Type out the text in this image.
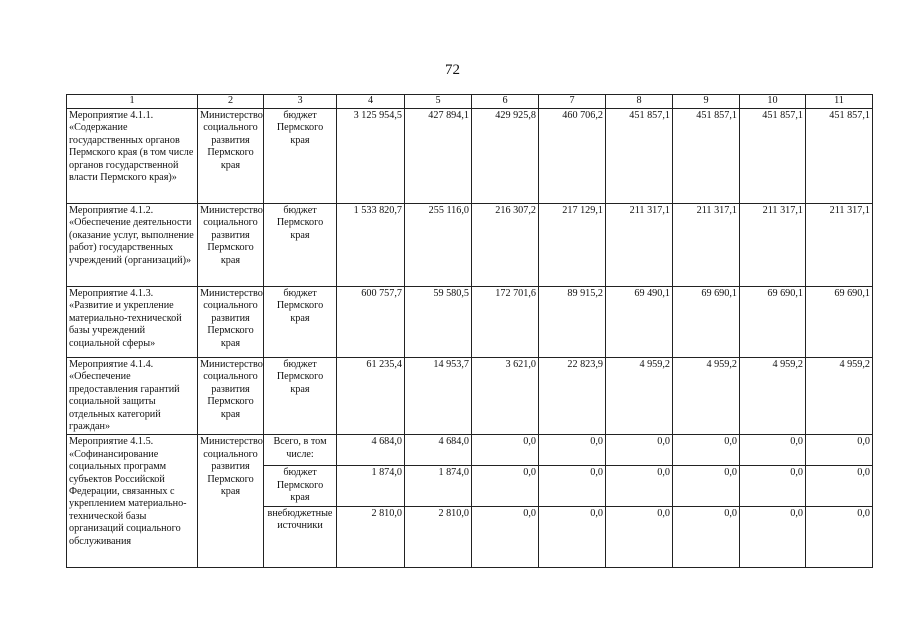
72
1	2	3	4	5	6	7	8	9	10	11
Мероприятие 4.1.1. «Содержание государственных органов Пермского края (в том числе органов государственной власти Пермского края)»	Министерство социального развития Пермского края	бюджет Пермского края	3 125 954,5	427 894,1	429 925,8	460 706,2	451 857,1	451 857,1	451 857,1	451 857,1
Мероприятие 4.1.2. «Обеспечение деятельности (оказание услуг, выполнение работ) государственных учреждений (организаций)»	Министерство социального развития Пермского края	бюджет Пермского края	1 533 820,7	255 116,0	216 307,2	217 129,1	211 317,1	211 317,1	211 317,1	211 317,1
Мероприятие 4.1.3. «Развитие и укрепление материально-технической базы учреждений социальной сферы»	Министерство социального развития Пермского края	бюджет Пермского края	600 757,7	59 580,5	172 701,6	89 915,2	69 490,1	69 690,1	69 690,1	69 690,1
Мероприятие 4.1.4. «Обеспечение предоставления гарантий социальной защиты отдельных категорий граждан»	Министерство социального развития Пермского края	бюджет Пермского края	61 235,4	14 953,7	3 621,0	22 823,9	4 959,2	4 959,2	4 959,2	4 959,2
Мероприятие 4.1.5. «Софинансирование социальных программ субъектов Российской Федерации, связанных с укреплением материально-технической базы организаций социального обслуживания	Министерство социального развития Пермского края	Всего, в том числе:	4 684,0	4 684,0	0,0	0,0	0,0	0,0	0,0	0,0
		бюджет Пермского края	1 874,0	1 874,0	0,0	0,0	0,0	0,0	0,0	0,0
		внебюджетные источники	2 810,0	2 810,0	0,0	0,0	0,0	0,0	0,0	0,0
